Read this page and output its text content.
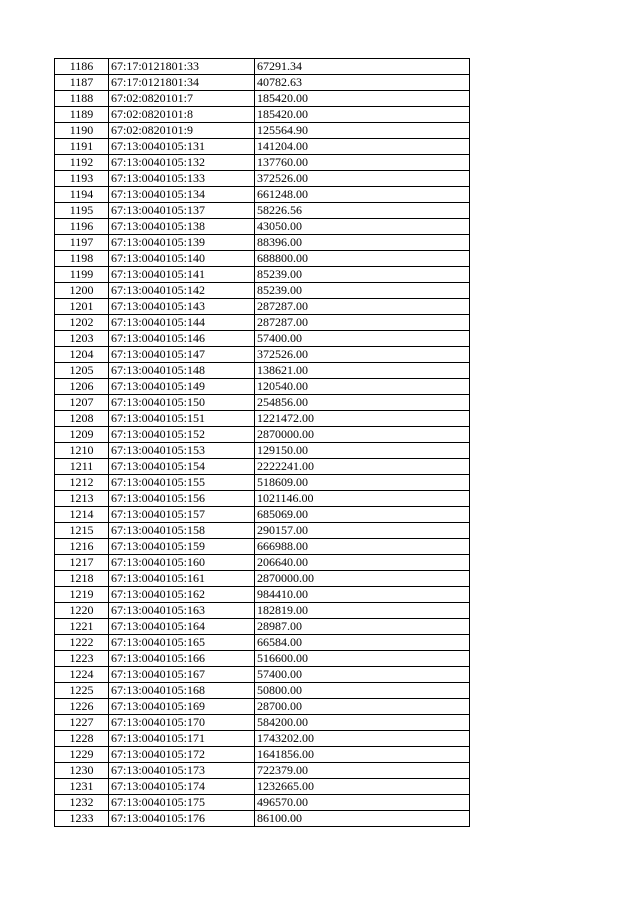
1186	67:17:0121801:33	67291.34
1187	67:17:0121801:34	40782.63
1188	67:02:0820101:7	185420.00
1189	67:02:0820101:8	185420.00
1190	67:02:0820101:9	125564.90
1191	67:13:0040105:131	141204.00
1192	67:13:0040105:132	137760.00
1193	67:13:0040105:133	372526.00
1194	67:13:0040105:134	661248.00
1195	67:13:0040105:137	58226.56
1196	67:13:0040105:138	43050.00
1197	67:13:0040105:139	88396.00
1198	67:13:0040105:140	688800.00
1199	67:13:0040105:141	85239.00
1200	67:13:0040105:142	85239.00
1201	67:13:0040105:143	287287.00
1202	67:13:0040105:144	287287.00
1203	67:13:0040105:146	57400.00
1204	67:13:0040105:147	372526.00
1205	67:13:0040105:148	138621.00
1206	67:13:0040105:149	120540.00
1207	67:13:0040105:150	254856.00
1208	67:13:0040105:151	1221472.00
1209	67:13:0040105:152	2870000.00
1210	67:13:0040105:153	129150.00
1211	67:13:0040105:154	2222241.00
1212	67:13:0040105:155	518609.00
1213	67:13:0040105:156	1021146.00
1214	67:13:0040105:157	685069.00
1215	67:13:0040105:158	290157.00
1216	67:13:0040105:159	666988.00
1217	67:13:0040105:160	206640.00
1218	67:13:0040105:161	2870000.00
1219	67:13:0040105:162	984410.00
1220	67:13:0040105:163	182819.00
1221	67:13:0040105:164	28987.00
1222	67:13:0040105:165	66584.00
1223	67:13:0040105:166	516600.00
1224	67:13:0040105:167	57400.00
1225	67:13:0040105:168	50800.00
1226	67:13:0040105:169	28700.00
1227	67:13:0040105:170	584200.00
1228	67:13:0040105:171	1743202.00
1229	67:13:0040105:172	1641856.00
1230	67:13:0040105:173	722379.00
1231	67:13:0040105:174	1232665.00
1232	67:13:0040105:175	496570.00
1233	67:13:0040105:176	86100.00
